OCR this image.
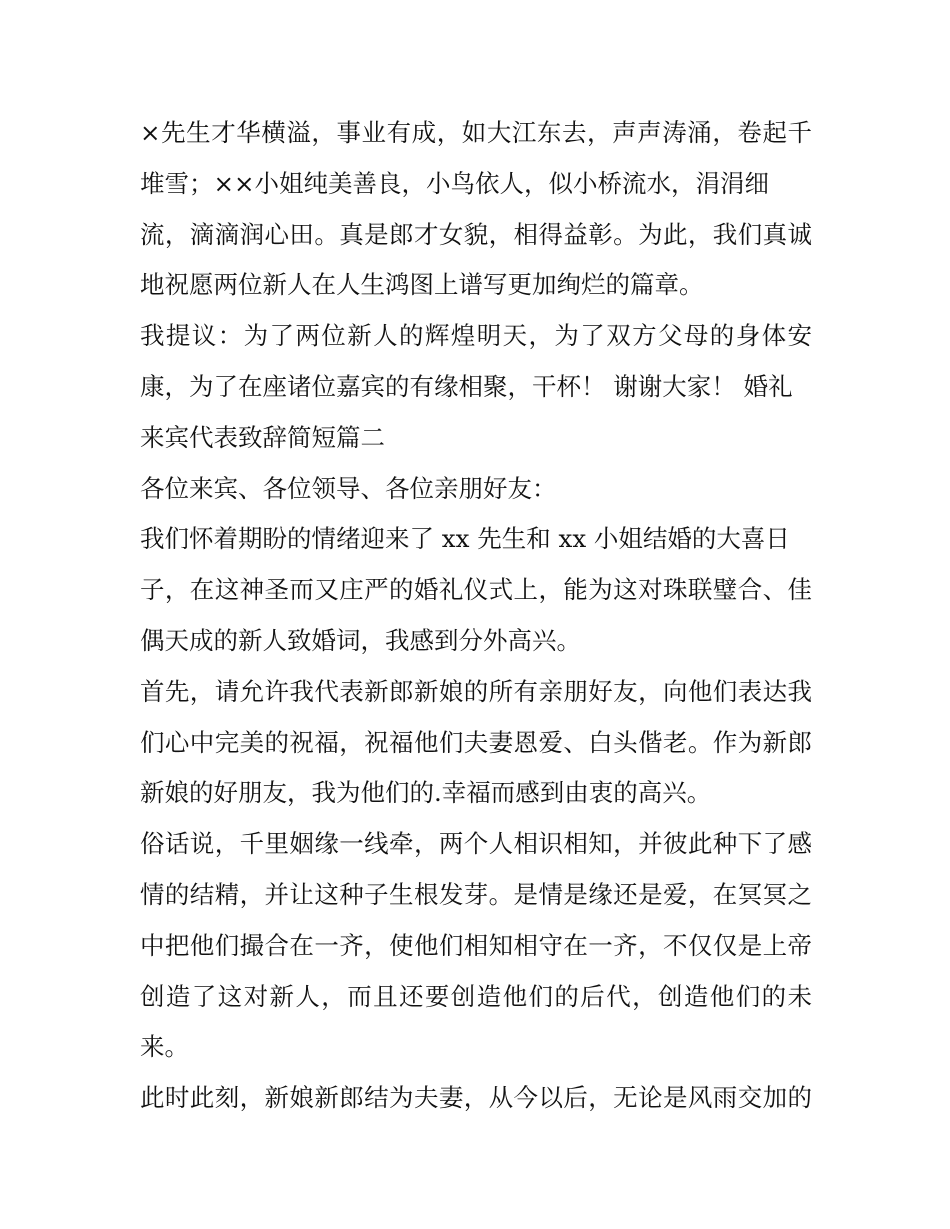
×先生才华横溢，事业有成，如大江东去，声声涛涌，卷起千
堆雪；××小姐纯美善良，小鸟依人，似小桥流水，涓涓细
流，滴滴润心田。真是郎才女貌，相得益彰。为此，我们真诚
地祝愿两位新人在人生鸿图上谱写更加绚烂的篇章。
我提议：为了两位新人的辉煌明天，为了双方父母的身体安
康，为了在座诸位嘉宾的有缘相聚，干杯！ 谢谢大家！ 婚礼
来宾代表致辞简短篇二
各位来宾、各位领导、各位亲朋好友：
我们怀着期盼的情绪迎来了 xx 先生和 xx 小姐结婚的大喜日
子，在这神圣而又庄严的婚礼仪式上，能为这对珠联璧合、佳
偶天成的新人致婚词，我感到分外高兴。
首先，请允许我代表新郎新娘的所有亲朋好友，向他们表达我
们心中完美的祝福，祝福他们夫妻恩爱、白头偕老。作为新郎
新娘的好朋友，我为他们的.幸福而感到由衷的高兴。
俗话说，千里姻缘一线牵，两个人相识相知，并彼此种下了感
情的结精，并让这种子生根发芽。是情是缘还是爱，在冥冥之
中把他们撮合在一齐，使他们相知相守在一齐，不仅仅是上帝
创造了这对新人，而且还要创造他们的后代，创造他们的未
来。
此时此刻，新娘新郎结为夫妻，从今以后，无论是风雨交加的
